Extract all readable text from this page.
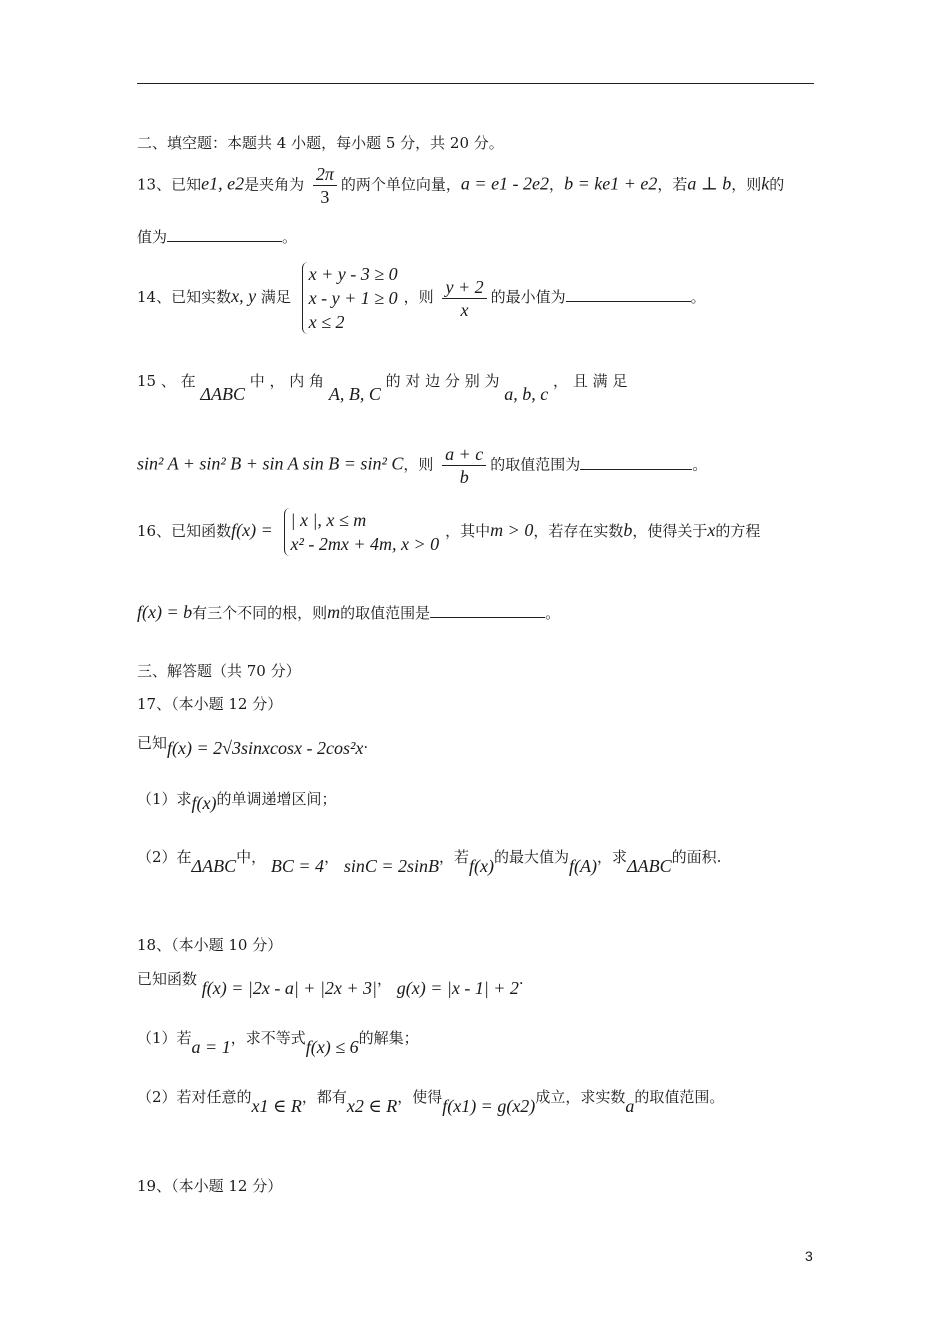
二、填空题：本题共 4 小题，每小题 5 分，共 20 分。
13、已知e1, e2是夹角为 $\frac{2\pi}{3}$ 的两个单位向量，a = e1 - 2e2，b = ke1 + e2，若a ⊥ b，则k的
值为	。
14、已知实数x, y 满足
x + y - 3 ≥ 0
x - y + 1 ≥ 0
x ≤ 2
，则 $\frac{y + 2}{x}$ 的最小值为	。
15 、 在 ΔABC 中 ， 内 角 A, B, C 的 对 边 分 别 为 a, b, c ， 且 满 足
sin² A + sin² B + sin A sin B = sin² C，则 $\frac{a + c}{b}$ 的取值范围为	。
16、已知函数f(x) = | x |, x ≤ m
x² - 2mx + 4m, x > 0
，其中m > 0，若存在实数b，使得关于x的方程
f(x) = b有三个不同的根，则m的取值范围是	。
三、解答题（共 70 分）
17、（本小题 12 分）
已知f(x) = 2√3sinxcosx - 2cos²x.
（1）求f(x)的单调递增区间；
（2）在ΔABC中， BC = 4， sinC = 2sinB，若f(x)的最大值为f(A)，求ΔABC的面积.
18、（本小题 10 分）
已知函数 f(x) = |2x - a| + |2x + 3|， g(x) = |x - 1| + 2.
（1）若a = 1，求不等式f(x) ≤ 6的解集；
（2）若对任意的x1 ∈ R，都有x2 ∈ R，使得f(x1) = g(x2)成立，求实数a的取值范围。
19、（本小题 12 分）
3
